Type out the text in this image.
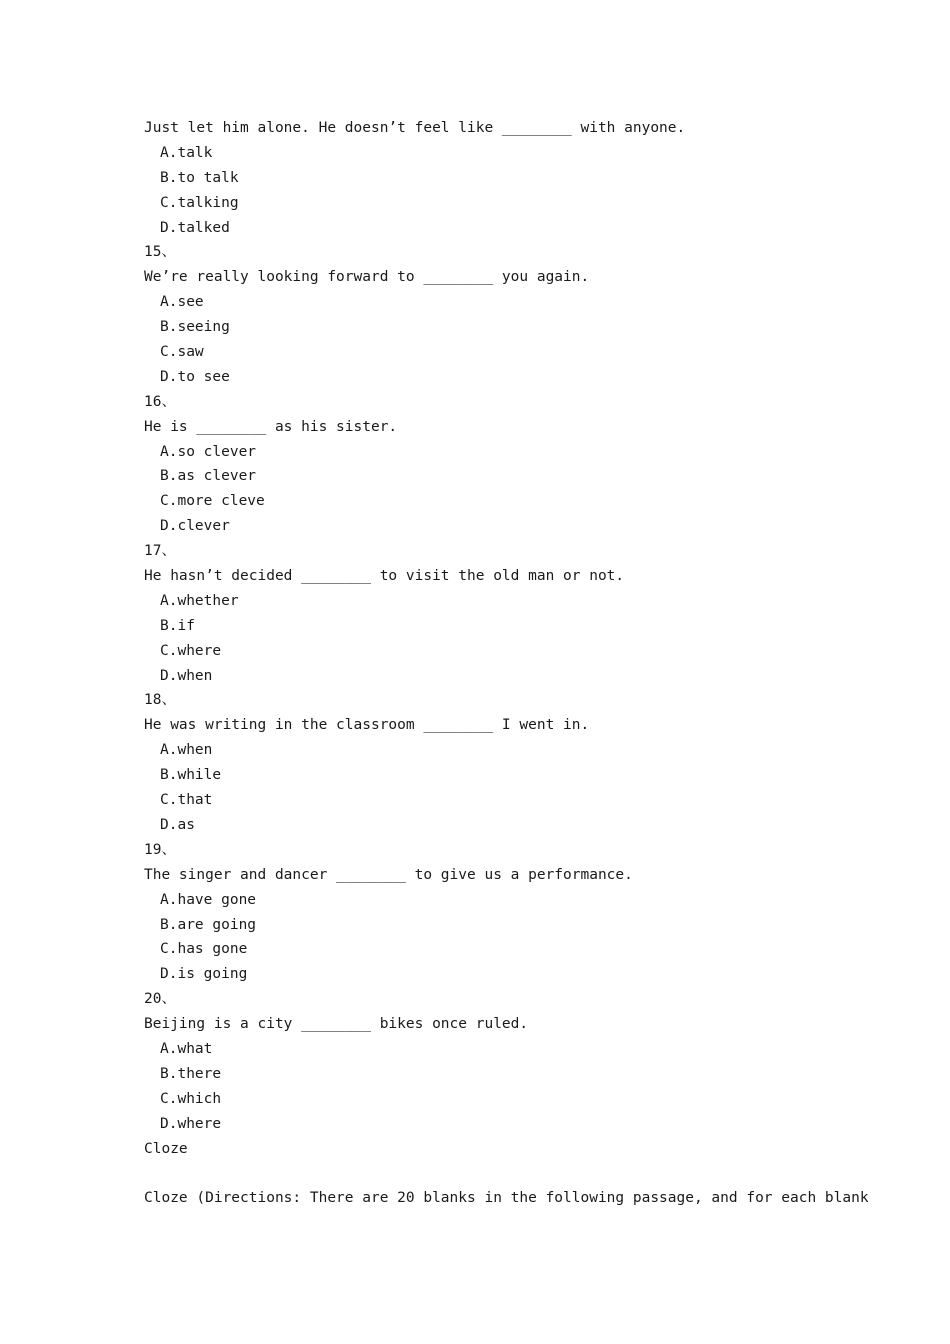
Just let him alone. He doesn’t feel like ________ with anyone.
A.talk
B.to talk
C.talking
D.talked
15、
We’re really looking forward to ________ you again.
A.see
B.seeing
C.saw
D.to see
16、
He is ________ as his sister.
A.so clever
B.as clever
C.more cleve
D.clever
17、
He hasn’t decided ________ to visit the old man or not.
A.whether
B.if
C.where
D.when
18、
He was writing in the classroom ________ I went in.
A.when
B.while
C.that
D.as
19、
The singer and dancer ________ to give us a performance.
A.have gone
B.are going
C.has gone
D.is going
20、
Beijing is a city ________ bikes once ruled.
A.what
B.there
C.which
D.where
Cloze
Cloze (Directions: There are 20 blanks in the following passage, and for each blank
